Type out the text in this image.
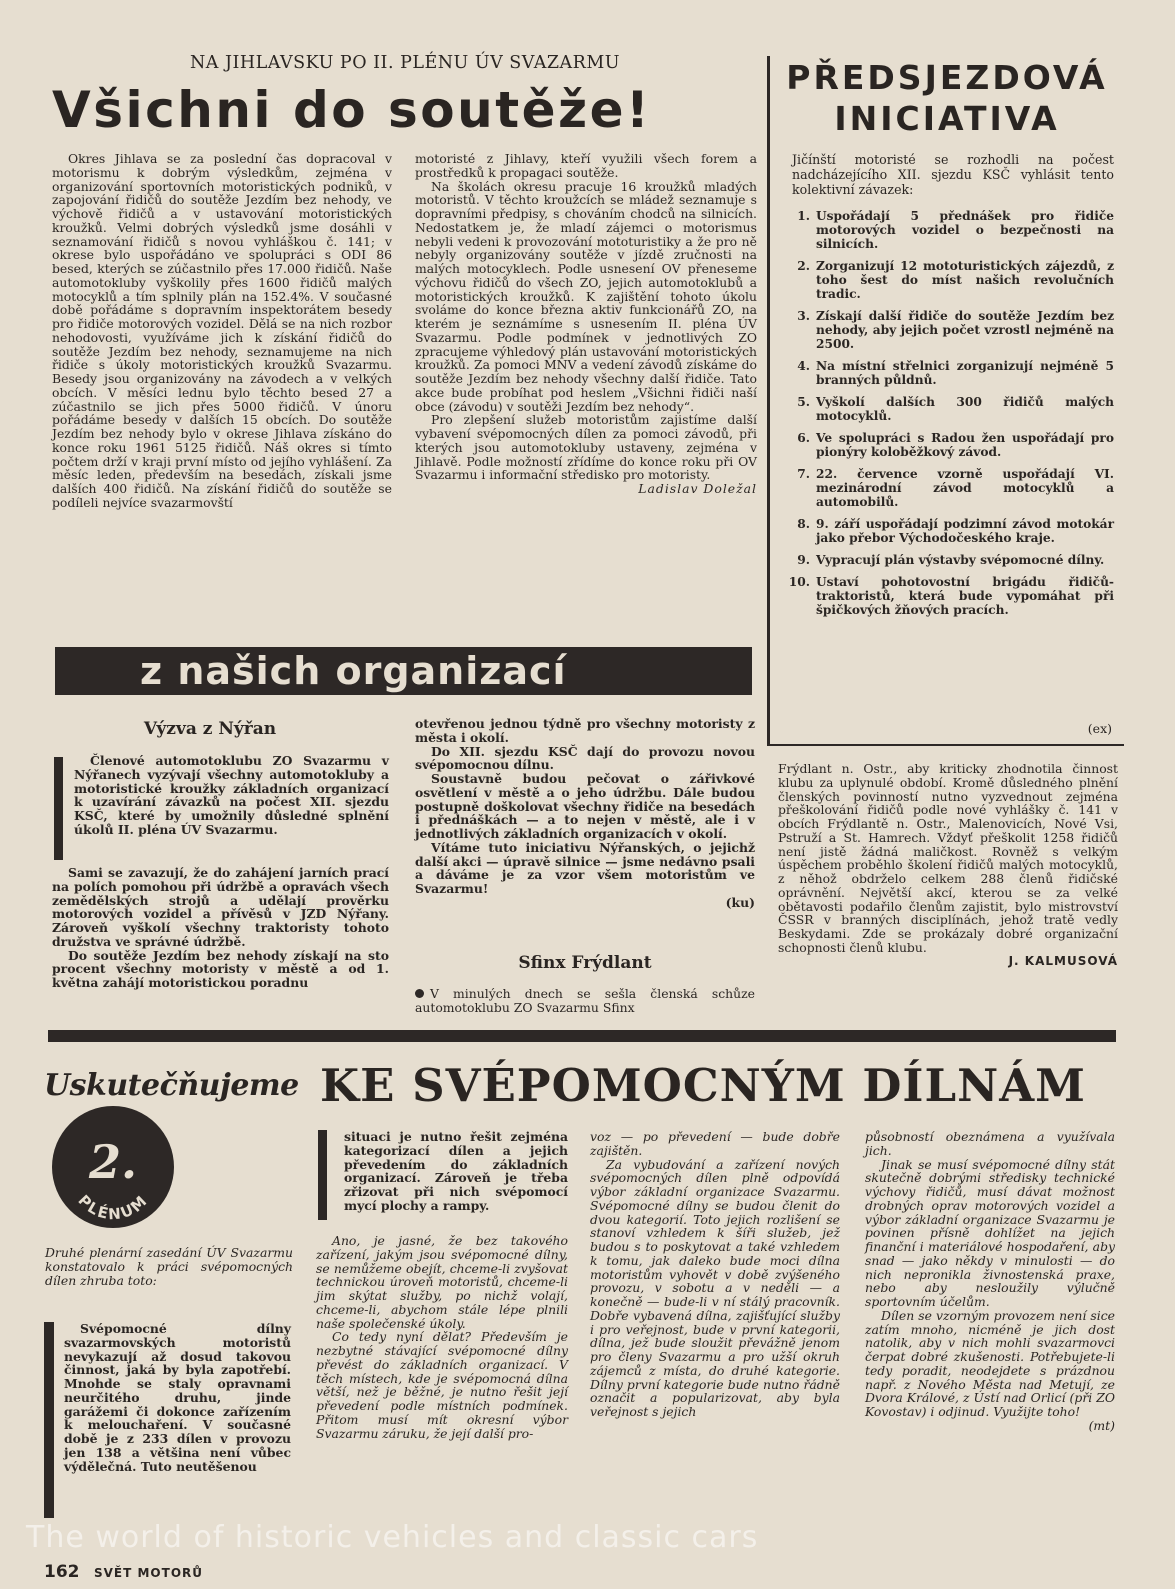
NA JIHLAVSKU PO II. PLÉNU ÚV SVAZARMU
Všichni do soutěže!

Okres Jihlava se za poslední čas dopracoval v motorismu k dobrým výsledkům, zejména v organizování sportovních motoristických podniků, v zapojování řidičů do soutěže Jezdím bez nehody, ve výchově řidičů a v ustavování motoristických kroužků. Velmi dobrých výsledků jsme dosáhli v seznamování řidičů s novou vyhláškou č. 141; v okrese bylo uspořádáno ve spolupráci s ODI 86 besed, kterých se zúčastnilo přes 17.000 řidičů. Naše automotokluby vyškolily přes 1600 řidičů malých motocyklů a tím splnily plán na 152.4%. V současné době pořádáme s dopravním inspektorátem besedy pro řidiče motorových vozidel. Dělá se na nich rozbor nehodovosti, využíváme jich k získání řidičů do soutěže Jezdím bez nehody, seznamujeme na nich řidiče s úkoly motoristických kroužků Svazarmu. Besedy jsou organizovány na závodech a v velkých obcích. V měsíci lednu bylo těchto besed 27 a zúčastnilo se jich přes 5000 řidičů. V únoru pořádáme besedy v dalších 15 obcích. Do soutěže Jezdím bez nehody bylo v okrese Jihlava získáno do konce roku 1961 5125 řidičů. Náš okres si tímto počtem drží v kraji první místo od jejího vyhlášení. Za měsíc leden, především na besedách, získali jsme dalších 400 řidičů. Na získání řidičů do soutěže se podíleli nejvíce svazarmovští

motoristé z Jihlavy, kteří využili všech forem a prostředků k propagaci soutěže.

Na školách okresu pracuje 16 kroužků mladých motoristů. V těchto kroužcích se mládež seznamuje s dopravními předpisy, s chováním chodců na silnicích. Nedostatkem je, že mladí zájemci o motorismus nebyli vedeni k provozování mototuristiky a že pro ně nebyly organizovány soutěže v jízdě zručnosti na malých motocyklech. Podle usnesení OV přeneseme výchovu řidičů do všech ZO, jejich automotoklubů a motoristických kroužků. K zajištění tohoto úkolu svoláme do konce března aktiv funkcionářů ZO, na kterém je seznámíme s usnesením II. pléna ÚV Svazarmu. Podle podmínek v jednotlivých ZO zpracujeme výhledový plán ustavování motoristických kroužků. Za pomoci MNV a vedení závodů získáme do soutěže Jezdím bez nehody všechny další řidiče. Tato akce bude probíhat pod heslem „Všichni řidiči naší obce (závodu) v soutěži Jezdím bez nehody“.

Pro zlepšení služeb motoristům zajistíme další vybavení svépomocných dílen za pomoci závodů, při kterých jsou automotokluby ustaveny, zejména v Jihlavě. Podle možností zřídíme do konce roku při OV Svazarmu i informační středisko pro motoristy.

Ladislav Doležal
PŘEDSJEZDOVÁ
INICIATIVA
Jičínští motoristé se rozhodli na počest nadcházejícího XII. sjezdu KSČ vyhlásit tento kolektivní závazek:
1. Uspořádají 5 přednášek pro řidiče motorových vozidel o bezpečnosti na silnicích.
2. Zorganizují 12 mototuristických zájezdů, z toho šest do míst našich revolučních tradic.
3. Získají další řidiče do soutěže Jezdím bez nehody, aby jejich počet vzrostl nejméně na 2500.
4. Na místní střelnici zorganizují nejméně 5 branných půldnů.
5. Vyškolí dalších 300 řidičů malých motocyklů.
6. Ve spolupráci s Radou žen uspořádají pro pionýry koloběžkový závod.
7. 22. července vzorně uspořádají VI. mezinárodní závod motocyklů a automobilů.
8. 9. září uspořádají podzimní závod motokár jako přebor Východočeského kraje.
9. Vypracují plán výstavby svépomocné dílny.
10. Ustaví pohotovostní brigádu řidičů-traktoristů, která bude vypomáhat při špičkových žňových pracích.
(ex)
z našich organizací
Výzva z Nýřan

Členové automotoklubu ZO Svazarmu v Nýřanech vyzývají všechny automotokluby a motoristické kroužky základních organizací k uzavírání závazků na počest XII. sjezdu KSČ, které by umožnily důsledné splnění úkolů II. pléna ÚV Svazarmu.

Sami se zavazují, že do zahájení jarních prací na polích pomohou při údržbě a opravách všech zemědělských strojů a udělají prověrku motorových vozidel a přívěsů v JZD Nýřany. Zároveň vyškolí všechny traktoristy tohoto družstva ve správné údržbě.

Do soutěže Jezdím bez nehody získají na sto procent všechny motoristy v městě a od 1. května zahájí motoristickou poradnu

otevřenou jednou týdně pro všechny motoristy z města i okolí.

Do XII. sjezdu KSČ dají do provozu novou svépomocnou dílnu.

Soustavně budou pečovat o zářivkové osvětlení v městě a o jeho údržbu. Dále budou postupně doškolovat všechny řidiče na besedách i přednáškách — a to nejen v městě, ale i v jednotlivých základních organizacích v okolí.

Vítáme tuto iniciativu Nýřanských, o jejichž další akci — úpravě silnice — jsme nedávno psali a dáváme je za vzor všem motoristům ve Svazarmu!

(ku)
Sfinx Frýdlant

V minulých dnech se sešla členská schůze automotoklubu ZO Svazarmu Sfinx

Frýdlant n. Ostr., aby kriticky zhodnotila činnost klubu za uplynulé období. Kromě důsledného plnění členských povinností nutno vyzvednout zejména přeškolování řidičů podle nové vyhlášky č. 141 v obcích Frýdlantě n. Ostr., Malenovicích, Nové Vsi, Pstruží a St. Hamrech. Vždyť přeškolit 1258 řidičů není jistě žádná maličkost. Rovněž s velkým úspěchem proběhlo školení řidičů malých motocyklů, z něhož obdrželo celkem 288 členů řidičské oprávnění. Největší akcí, kterou se za velké obětavosti podařilo členům zajistit, bylo mistrovství ČSSR v branných disciplínách, jehož tratě vedly Beskydami. Zde se prokázaly dobré organizační schopnosti členů klubu.

J. KALMUSOVÁ
Uskutečňujeme
2.
PLÉNUM
KE SVÉPOMOCNÝM DÍLNÁM

Druhé plenární zasedání ÚV Svazarmu konstatovalo k práci svépomocných dílen zhruba toto:

Svépomocné dílny svazarmovských motoristů nevykazují až dosud takovou činnost, jaká by byla zapotřebí. Mnohde se staly opravnami neurčitého druhu, jinde garážemi či dokonce zařízením k melouchaření. V současné době je z 233 dílen v provozu jen 138 a většina není vůbec výdělečná. Tuto neutěšenou

situaci je nutno řešit zejména kategorizací dílen a jejich převedením do základních organizací. Zároveň je třeba zřizovat při nich svépomocí mycí plochy a rampy.

Ano, je jasné, že bez takového zařízení, jakým jsou svépomocné dílny, se nemůžeme obejít, chceme-li zvyšovat technickou úroveň motoristů, chceme-li jim skýtat služby, po nichž volají, chceme-li, abychom stále lépe plnili naše společenské úkoly.

Co tedy nyní dělat? Především je nezbytné stávající svépomocné dílny převést do základních organizací. V těch místech, kde je svépomocná dílna větší, než je běžné, je nutno řešit její převedení podle místních podmínek. Přitom musí mít okresní výbor Svazarmu záruku, že její další pro-

voz — po převedení — bude dobře zajištěn.

Za vybudování a zařízení nových svépomocných dílen plně odpovídá výbor základní organizace Svazarmu. Svépomocné dílny se budou členit do dvou kategorií. Toto jejich rozlišení se stanoví vzhledem k šíři služeb, jež budou s to poskytovat a také vzhledem k tomu, jak daleko bude moci dílna motoristům vyhovět v době zvýšeného provozu, v sobotu a v neděli — a konečně — bude-li v ní stálý pracovník. Dobře vybavená dílna, zajišťující služby i pro veřejnost, bude v první kategorii, dílna, jež bude sloužit převážně jenom pro členy Svazarmu a pro užší okruh zájemců z místa, do druhé kategorie. Dílny první kategorie bude nutno řádně označit a popularizovat, aby byla veřejnost s jejich

působností obeznámena a využívala jich.

Jinak se musí svépomocné dílny stát skutečně dobrými středisky technické výchovy řidičů, musí dávat možnost drobných oprav motorových vozidel a výbor základní organizace Svazarmu je povinen přísně dohlížet na jejich finanční i materiálové hospodaření, aby snad — jako někdy v minulosti — do nich nepronikla živnostenská praxe, nebo aby nesloužily výlučně sportovním účelům.

Dílen se vzorným provozem není sice zatím mnoho, nicméně je jich dost natolik, aby v nich mohli svazarmovci čerpat dobré zkušenosti. Potřebujete-li tedy poradit, neodejdete s prázdnou např. z Nového Města nad Metují, ze Dvora Králové, z Ústí nad Orlicí (při ZO Kovostav) i odjinud. Využijte toho!

(mt)
162 SVĚT MOTORŮ
The world of historic vehicles and classic cars
